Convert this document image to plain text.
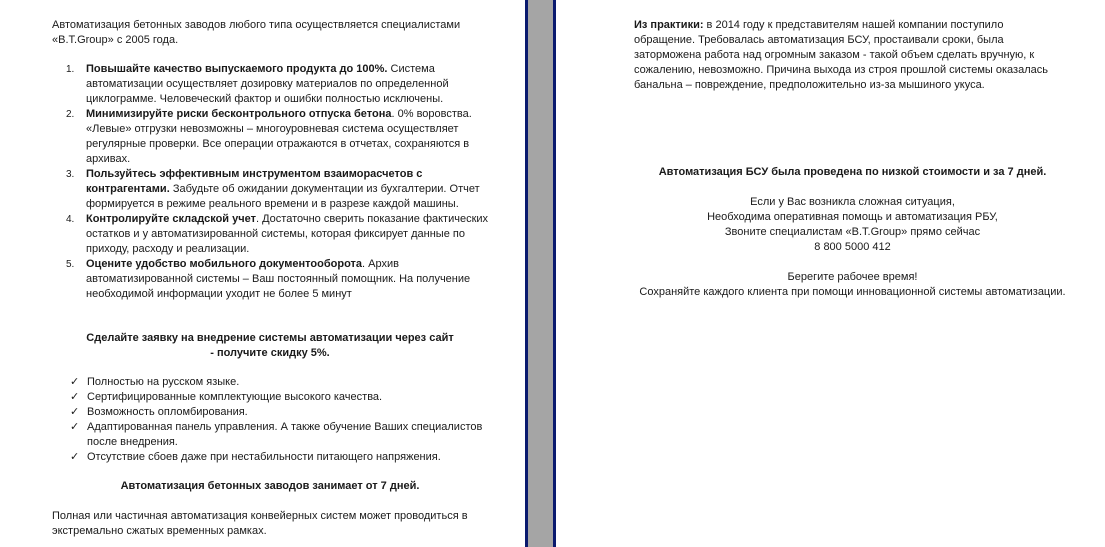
Автоматизация бетонных заводов любого типа осуществляется специалистами «B.T.Group» с 2005 года.

1. Повышайте качество выпускаемого продукта до 100%. Система автоматизации осуществляет дозировку материалов по определенной циклограмме. Человеческий фактор и ошибки полностью исключены.
2. Минимизируйте риски бесконтрольного отпуска бетона. 0% воровства. «Левые» отгрузки невозможны – многоуровневая система осуществляет регулярные проверки. Все операции отражаются в отчетах, сохраняются в архивах.
3. Пользуйтесь эффективным инструментом взаиморасчетов с контрагентами. Забудьте об ожидании документации из бухгалтерии. Отчет формируется в режиме реального времени и в разрезе каждой машины.
4. Контролируйте складской учет. Достаточно сверить показание фактических остатков и у автоматизированной системы, которая фиксирует данные по приходу, расходу и реализации.
5. Оцените удобство мобильного документооборота. Архив автоматизированной системы – Ваш постоянный помощник. На получение необходимой информации уходит не более 5 минут

Сделайте заявку на внедрение системы автоматизации через сайт

- получите скидку 5%.

✓ Полностью на русском языке.
✓ Сертифицированные комплектующие высокого качества.
✓ Возможность опломбирования.
✓ Адаптированная панель управления. А также обучение Ваших специалистов после внедрения.
✓ Отсутствие сбоев даже при нестабильности питающего напряжения.

Автоматизация бетонных заводов занимает от 7 дней.

Полная или частичная автоматизация конвейерных систем может проводиться в экстремально сжатых временных рамках.

Из практики: в 2014 году к представителям нашей компании поступило обращение. Требовалась автоматизация БСУ, простаивали сроки, была заторможена работа над огромным заказом - такой объем сделать вручную, к сожалению, невозможно. Причина выхода из строя прошлой системы оказалась банальна – повреждение, предположительно из-за мышиного укуса.

Автоматизация БСУ была проведена по низкой стоимости и за 7 дней.

Если у Вас возникла сложная ситуация,

Необходима оперативная помощь и автоматизация РБУ,

Звоните специалистам «B.T.Group» прямо сейчас

8 800 5000 412

Берегите рабочее время!

Сохраняйте каждого клиента при помощи инновационной системы автоматизации.
